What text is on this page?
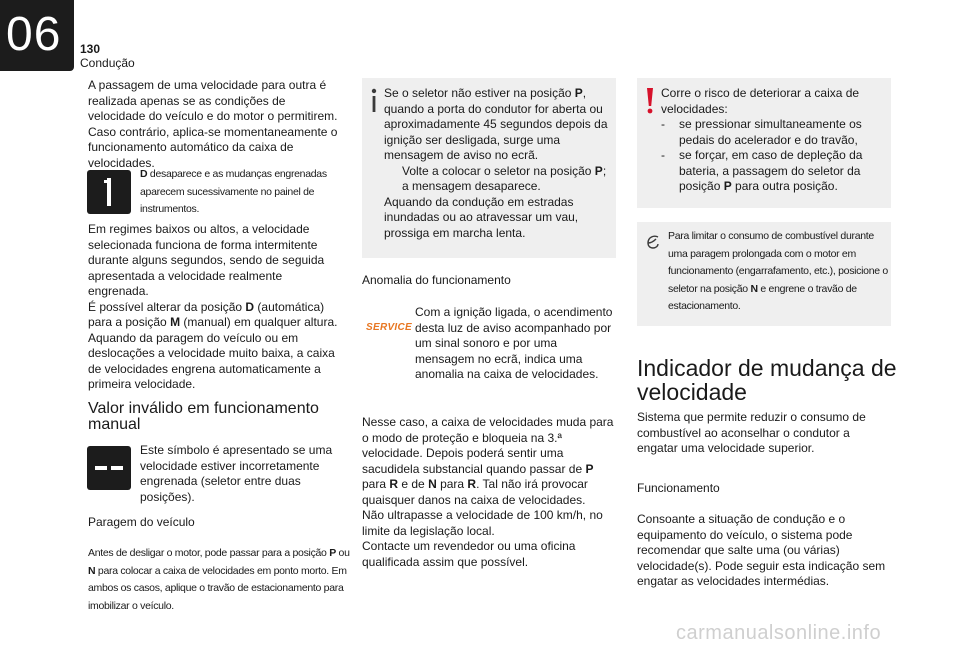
06 130
Condução

A passagem de uma velocidade para outra é realizada apenas se as condições de velocidade do veículo e do motor o permitirem. Caso contrário, aplica-se momentaneamente o funcionamento automático da caixa de velocidades.

D desaparece e as mudanças engrenadas aparecem sucessivamente no painel de instrumentos.

Em regimes baixos ou altos, a velocidade selecionada funciona de forma intermitente durante alguns segundos, sendo de seguida apresentada a velocidade realmente engrenada.

É possível alterar da posição D (automática) para a posição M (manual) em qualquer altura.

Aquando da paragem do veículo ou em deslocações a velocidade muito baixa, a caixa de velocidades engrena automaticamente a primeira velocidade.

Valor inválido em funcionamento manual
Este símbolo é apresentado se uma velocidade estiver incorretamente engrenada (seletor entre duas posições).
Paragem do veículo
Antes de desligar o motor, pode passar para a posição P ou N para colocar a caixa de velocidades em ponto morto. Em ambos os casos, aplique o travão de estacionamento para imobilizar o veículo.

Se o seletor não estiver na posição P, quando a porta do condutor for aberta ou aproximadamente 45 segundos depois da ignição ser desligada, surge uma mensagem de aviso no ecrã.

Volte a colocar o seletor na posição P; a mensagem desaparece.

Aquando da condução em estradas inundadas ou ao atravessar um vau, prossiga em marcha lenta.

Anomalia do funcionamento
SERVICE
Com a ignição ligada, o acendimento desta luz de aviso acompanhado por um sinal sonoro e por uma mensagem no ecrã, indica uma anomalia na caixa de velocidades.

Nesse caso, a caixa de velocidades muda para o modo de proteção e bloqueia na 3.ª velocidade. Depois poderá sentir uma sacudidela substancial quando passar de P para R e de N para R. Tal não irá provocar quaisquer danos na caixa de velocidades.

Não ultrapasse a velocidade de 100 km/h, no limite da legislação local.

Contacte um revendedor ou uma oficina qualificada assim que possível.

Corre o risco de deteriorar a caixa de velocidades:

-	se pressionar simultaneamente os pedais do acelerador e do travão,

-	se forçar, em caso de depleção da bateria, a passagem do seletor da posição P para outra posição.

Para limitar o consumo de combustível durante uma paragem prolongada com o motor em funcionamento (engarrafamento, etc.), posicione o seletor na posição N e engrene o travão de estacionamento.
Indicador de mudança de velocidade
Sistema que permite reduzir o consumo de combustível ao aconselhar o condutor a engatar uma velocidade superior.
Funcionamento
Consoante a situação de condução e o equipamento do veículo, o sistema pode recomendar que salte uma (ou várias) velocidade(s). Pode seguir esta indicação sem engatar as velocidades intermédias.
carmanualsonline.info
